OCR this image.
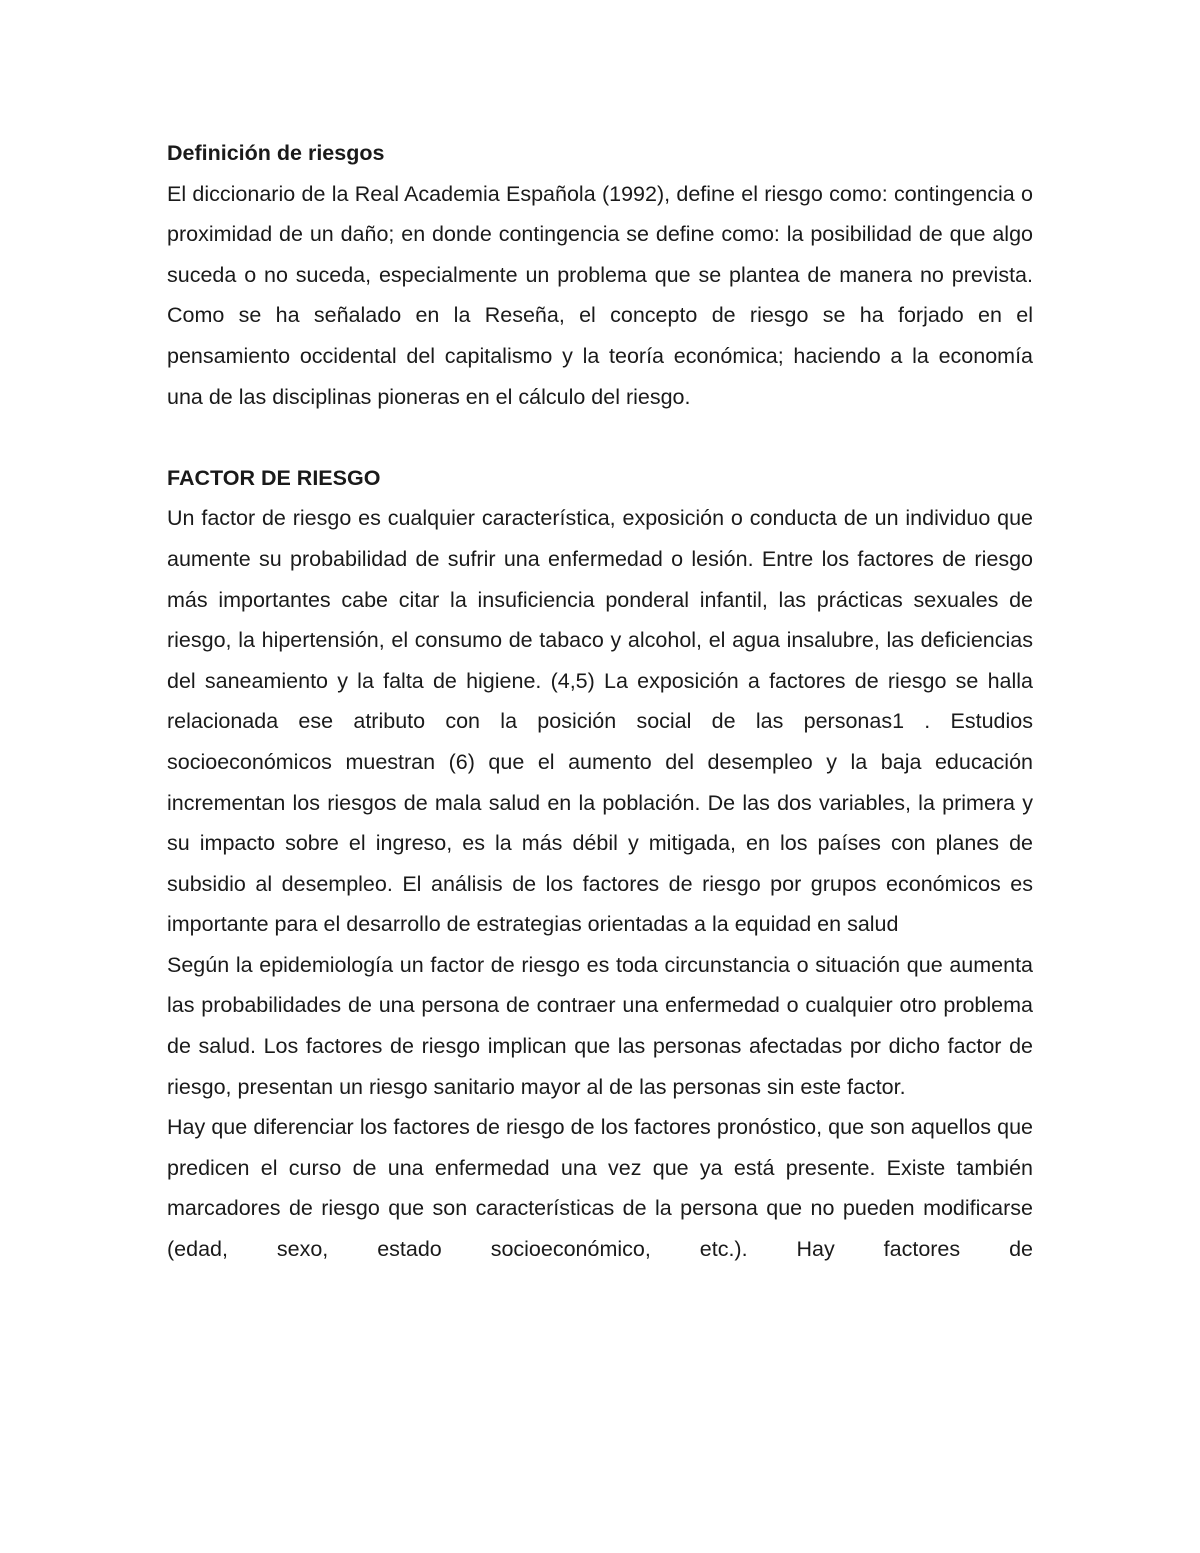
Definición de riesgos

El diccionario de la Real Academia Española (1992), define el riesgo como: contingencia o proximidad de un daño; en donde contingencia se define como: la posibilidad de que algo suceda o no suceda, especialmente un problema que se plantea de manera no prevista. Como se ha señalado en la Reseña, el concepto de riesgo se ha forjado en el pensamiento occidental del capitalismo y la teoría económica; haciendo a la economía una de las disciplinas pioneras en el cálculo del riesgo.

FACTOR DE RIESGO

Un factor de riesgo es cualquier característica, exposición o conducta de un individuo que aumente su probabilidad de sufrir una enfermedad o lesión. Entre los factores de riesgo más importantes cabe citar la insuficiencia ponderal infantil, las prácticas sexuales de riesgo, la hipertensión, el consumo de tabaco y alcohol, el agua insalubre, las deficiencias del saneamiento y la falta de higiene. (4,5) La exposición a factores de riesgo se halla relacionada ese atributo con la posición social de las personas1 . Estudios socioeconómicos muestran (6) que el aumento del desempleo y la baja educación incrementan los riesgos de mala salud en la población. De las dos variables, la primera y su impacto sobre el ingreso, es la más débil y mitigada, en los países con planes de subsidio al desempleo. El análisis de los factores de riesgo por grupos económicos es importante para el desarrollo de estrategias orientadas a la equidad en salud

Según la epidemiología un factor de riesgo es toda circunstancia o situación que aumenta las probabilidades de una persona de contraer una enfermedad o cualquier otro problema de salud. Los factores de riesgo implican que las personas afectadas por dicho factor de riesgo, presentan un riesgo sanitario mayor al de las personas sin este factor.

Hay que diferenciar los factores de riesgo de los factores pronóstico, que son aquellos que predicen el curso de una enfermedad una vez que ya está presente. Existe también marcadores de riesgo que son características de la persona que no pueden modificarse (edad, sexo, estado socioeconómico, etc.). Hay factores de
